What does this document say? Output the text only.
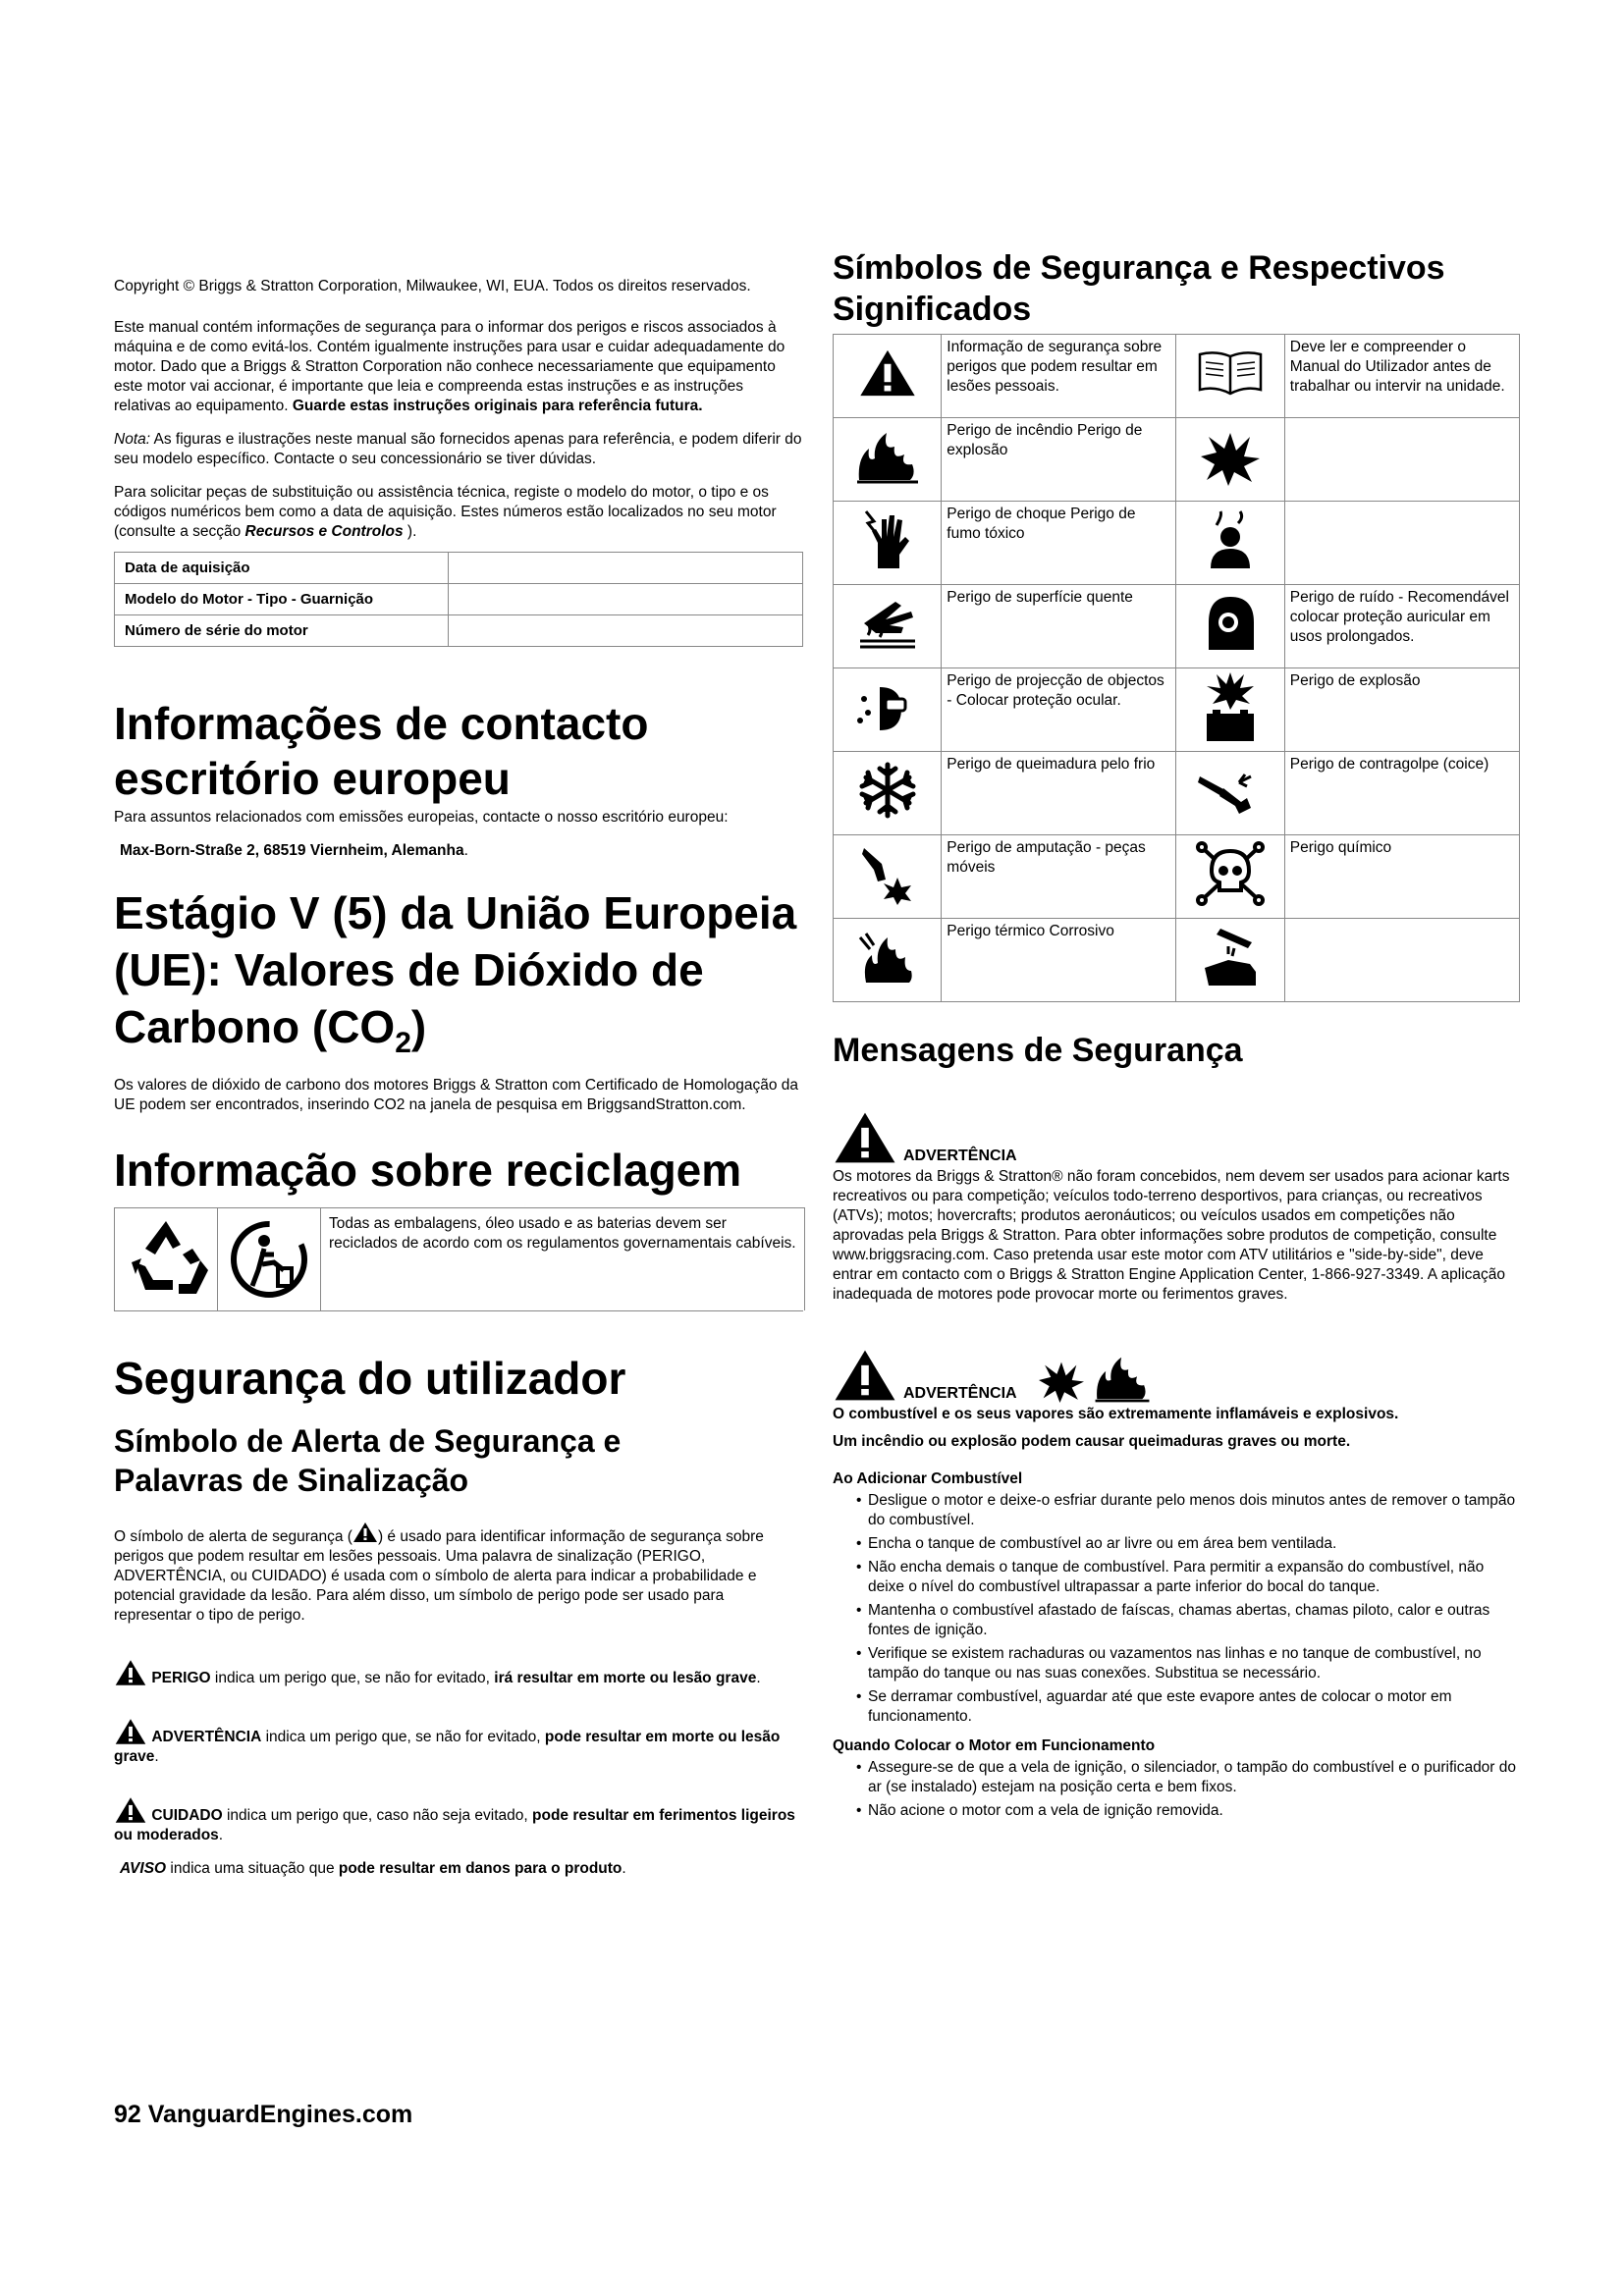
Copyright © Briggs & Stratton Corporation, Milwaukee, WI, EUA. Todos os direitos reservados.

Este manual contém informações de segurança para o informar dos perigos e riscos associados à máquina e de como evitá-los. Contém igualmente instruções para usar e cuidar adequadamente do motor. Dado que a Briggs & Stratton Corporation não conhece necessariamente que equipamento este motor vai accionar, é importante que leia e compreenda estas instruções e as instruções relativas ao equipamento. Guarde estas instruções originais para referência futura.

Nota: As figuras e ilustrações neste manual são fornecidos apenas para referência, e podem diferir do seu modelo específico. Contacte o seu concessionário se tiver dúvidas.

Para solicitar peças de substituição ou assistência técnica, registe o modelo do motor, o tipo e os códigos numéricos bem como a data de aquisição. Estes números estão localizados no seu motor (consulte a secção Recursos e Controlos ).

Data de aquisição	
Modelo do Motor - Tipo - Guarnição	
Número de série do motor	
Informações de contacto escritório europeu

Para assuntos relacionados com emissões europeias, contacte o nosso escritório europeu:

Max-Born-Straße 2, 68519 Viernheim, Alemanha.

Estágio V (5) da União Europeia (UE): Valores de Dióxido de Carbono $(CO_2)$

Os valores de dióxido de carbono dos motores Briggs & Stratton com Certificado de Homologação da UE podem ser encontrados, inserindo CO2 na janela de pesquisa em BriggsandStratton.com.

Informação sobre reciclagem
Todas as embalagens, óleo usado e as baterias devem ser reciclados de acordo com os regulamentos governamentais cabíveis.
Segurança do utilizador
Símbolo de Alerta de Segurança e Palavras de Sinalização

O símbolo de alerta de segurança ( ) é usado para identificar informação de segurança sobre perigos que podem resultar em lesões pessoais. Uma palavra de sinalização (PERIGO, ADVERTÊNCIA, ou CUIDADO) é usada com o símbolo de alerta para indicar a probabilidade e potencial gravidade da lesão. Para além disso, um símbolo de perigo pode ser usado para representar o tipo de perigo.

PERIGO indica um perigo que, se não for evitado, irá resultar em morte ou lesão grave.

ADVERTÊNCIA indica um perigo que, se não for evitado, pode resultar em morte ou lesão grave.

CUIDADO indica um perigo que, caso não seja evitado, pode resultar em ferimentos ligeiros ou moderados.

AVISO indica uma situação que pode resultar em danos para o produto.

Símbolos de Segurança e Respectivos Significados
	Informação de segurança sobre perigos que podem resultar em lesões pessoais.		Deve ler e compreender o Manual do Utilizador antes de trabalhar ou intervir na unidade.
	Perigo de incêndio Perigo de explosão		
	Perigo de choque Perigo de fumo tóxico		
	Perigo de superfície quente		Perigo de ruído - Recomendável colocar proteção auricular em usos prolongados.
	Perigo de projecção de objectos - Colocar proteção ocular.		Perigo de explosão
	Perigo de queimadura pelo frio		Perigo de contragolpe (coice)
	Perigo de amputação - peças móveis		Perigo químico
	Perigo térmico Corrosivo		
Mensagens de Segurança
ADVERTÊNCIA

Os motores da Briggs & Stratton® não foram concebidos, nem devem ser usados para acionar karts recreativos ou para competição; veículos todo-terreno desportivos, para crianças, ou recreativos (ATVs); motos; hovercrafts; produtos aeronáuticos; ou veículos usados em competições não aprovadas pela Briggs & Stratton. Para obter informações sobre produtos de competição, consulte www.briggsracing.com. Caso pretenda usar este motor com ATV utilitários e "side-by-side", deve entrar em contacto com o Briggs & Stratton Engine Application Center, 1-866-927-3349. A aplicação inadequada de motores pode provocar morte ou ferimentos graves.

ADVERTÊNCIA

O combustível e os seus vapores são extremamente inflamáveis e explosivos.

Um incêndio ou explosão podem causar queimaduras graves ou morte.

Ao Adicionar Combustível

• Desligue o motor e deixe-o esfriar durante pelo menos dois minutos antes de remover o tampão do combustível.
• Encha o tanque de combustível ao ar livre ou em área bem ventilada.
• Não encha demais o tanque de combustível. Para permitir a expansão do combustível, não deixe o nível do combustível ultrapassar a parte inferior do bocal do tanque.
• Mantenha o combustível afastado de faíscas, chamas abertas, chamas piloto, calor e outras fontes de ignição.
• Verifique se existem rachaduras ou vazamentos nas linhas e no tanque de combustível, no tampão do tanque ou nas suas conexões. Substitua se necessário.
• Se derramar combustível, aguardar até que este evapore antes de colocar o motor em funcionamento.

Quando Colocar o Motor em Funcionamento

• Assegure-se de que a vela de ignição, o silenciador, o tampão do combustível e o purificador do ar (se instalado) estejam na posição certa e bem fixos.
• Não acione o motor com a vela de ignição removida.
92 VanguardEngines.com
